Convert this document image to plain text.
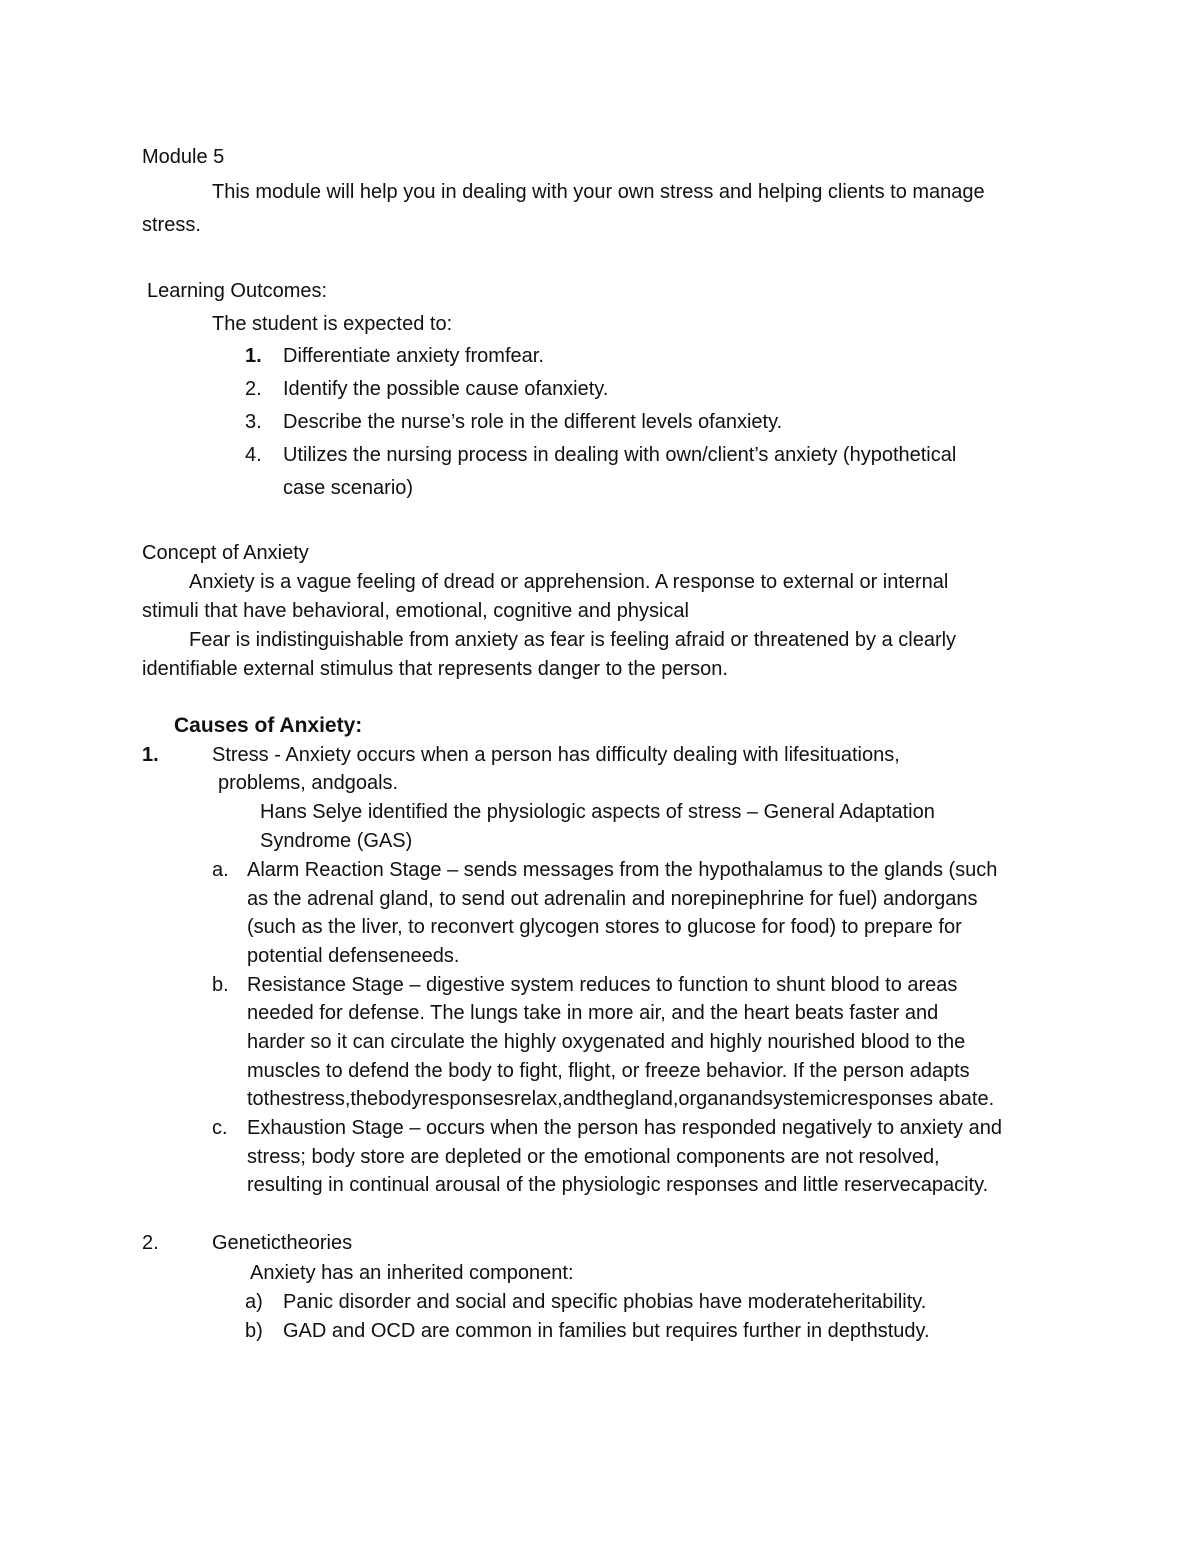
Module 5
This module will help you in dealing with your own stress and helping clients to manage
stress.
Learning Outcomes:
The student is expected to:
1. Differentiate anxiety fromfear.
2. Identify the possible cause ofanxiety.
3. Describe the nurse’s role in the different levels ofanxiety.
4. Utilizes the nursing process in dealing with own/client’s anxiety (hypothetical
case scenario)
Concept of Anxiety
Anxiety is a vague feeling of dread or apprehension. A response to external or internal
stimuli that have behavioral, emotional, cognitive and physical
Fear is indistinguishable from anxiety as fear is feeling afraid or threatened by a clearly
identifiable external stimulus that represents danger to the person.
Causes of Anxiety:
1.	Stress - Anxiety occurs when a person has difficulty dealing with lifesituations,
problems, andgoals.
Hans Selye identified the physiologic aspects of stress – General Adaptation
Syndrome (GAS)
a. Alarm Reaction Stage – sends messages from the hypothalamus to the glands (such
as the adrenal gland, to send out adrenalin and norepinephrine for fuel) andorgans
(such as the liver, to reconvert glycogen stores to glucose for food) to prepare for
potential defenseneeds.
b. Resistance Stage – digestive system reduces to function to shunt blood to areas
needed for defense. The lungs take in more air, and the heart beats faster and
harder so it can circulate the highly oxygenated and highly nourished blood to the
muscles to defend the body to fight, flight, or freeze behavior. If the person adapts
tothestress,thebodyresponsesrelax,andthegland,organandsystemicresponses abate.
c. Exhaustion Stage – occurs when the person has responded negatively to anxiety and
stress; body store are depleted or the emotional components are not resolved,
resulting in continual arousal of the physiologic responses and little reservecapacity.
2.	Genetictheories
Anxiety has an inherited component:
a) Panic disorder and social and specific phobias have moderateheritability.
b) GAD and OCD are common in families but requires further in depthstudy.
